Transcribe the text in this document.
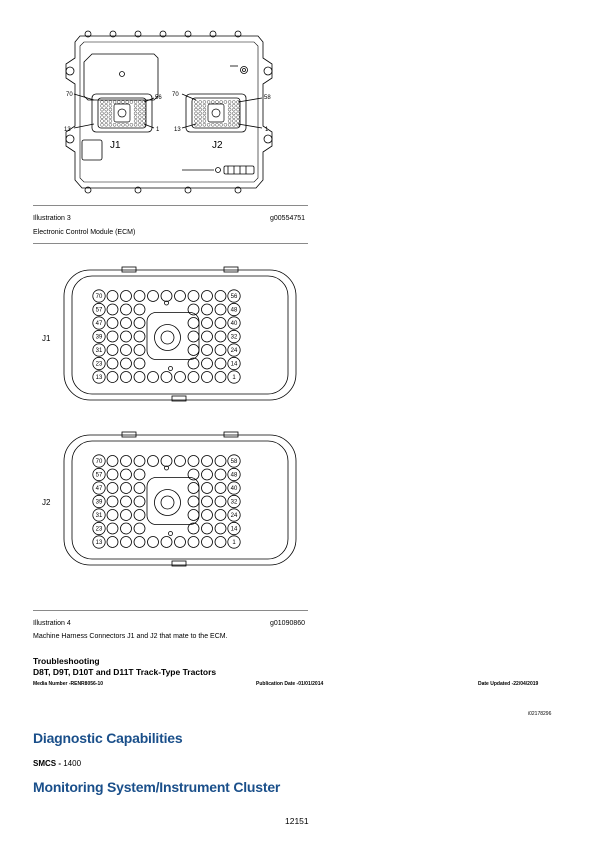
70	56
13	1
70	58
13	1
J1	J2
Illustration 3	g00554751
Electronic Control Module (ECM)
J1
70	56
57	48
47	40
39	32
31	24
23	14
13	1
J2
70	58
57	48
47	40
39	32
31	24
23	14
13	1
Illustration 4	g01090860
Machine Harness Connectors J1 and J2 that mate to the ECM.
Troubleshooting
D8T, D9T, D10T and D11T Track-Type Tractors
Media Number -RENR8056-10	Publication Date -01/01/2014	Date Updated -22/04/2019
i02178296
Diagnostic Capabilities
SMCS - 1400
Monitoring System/Instrument Cluster
12151
